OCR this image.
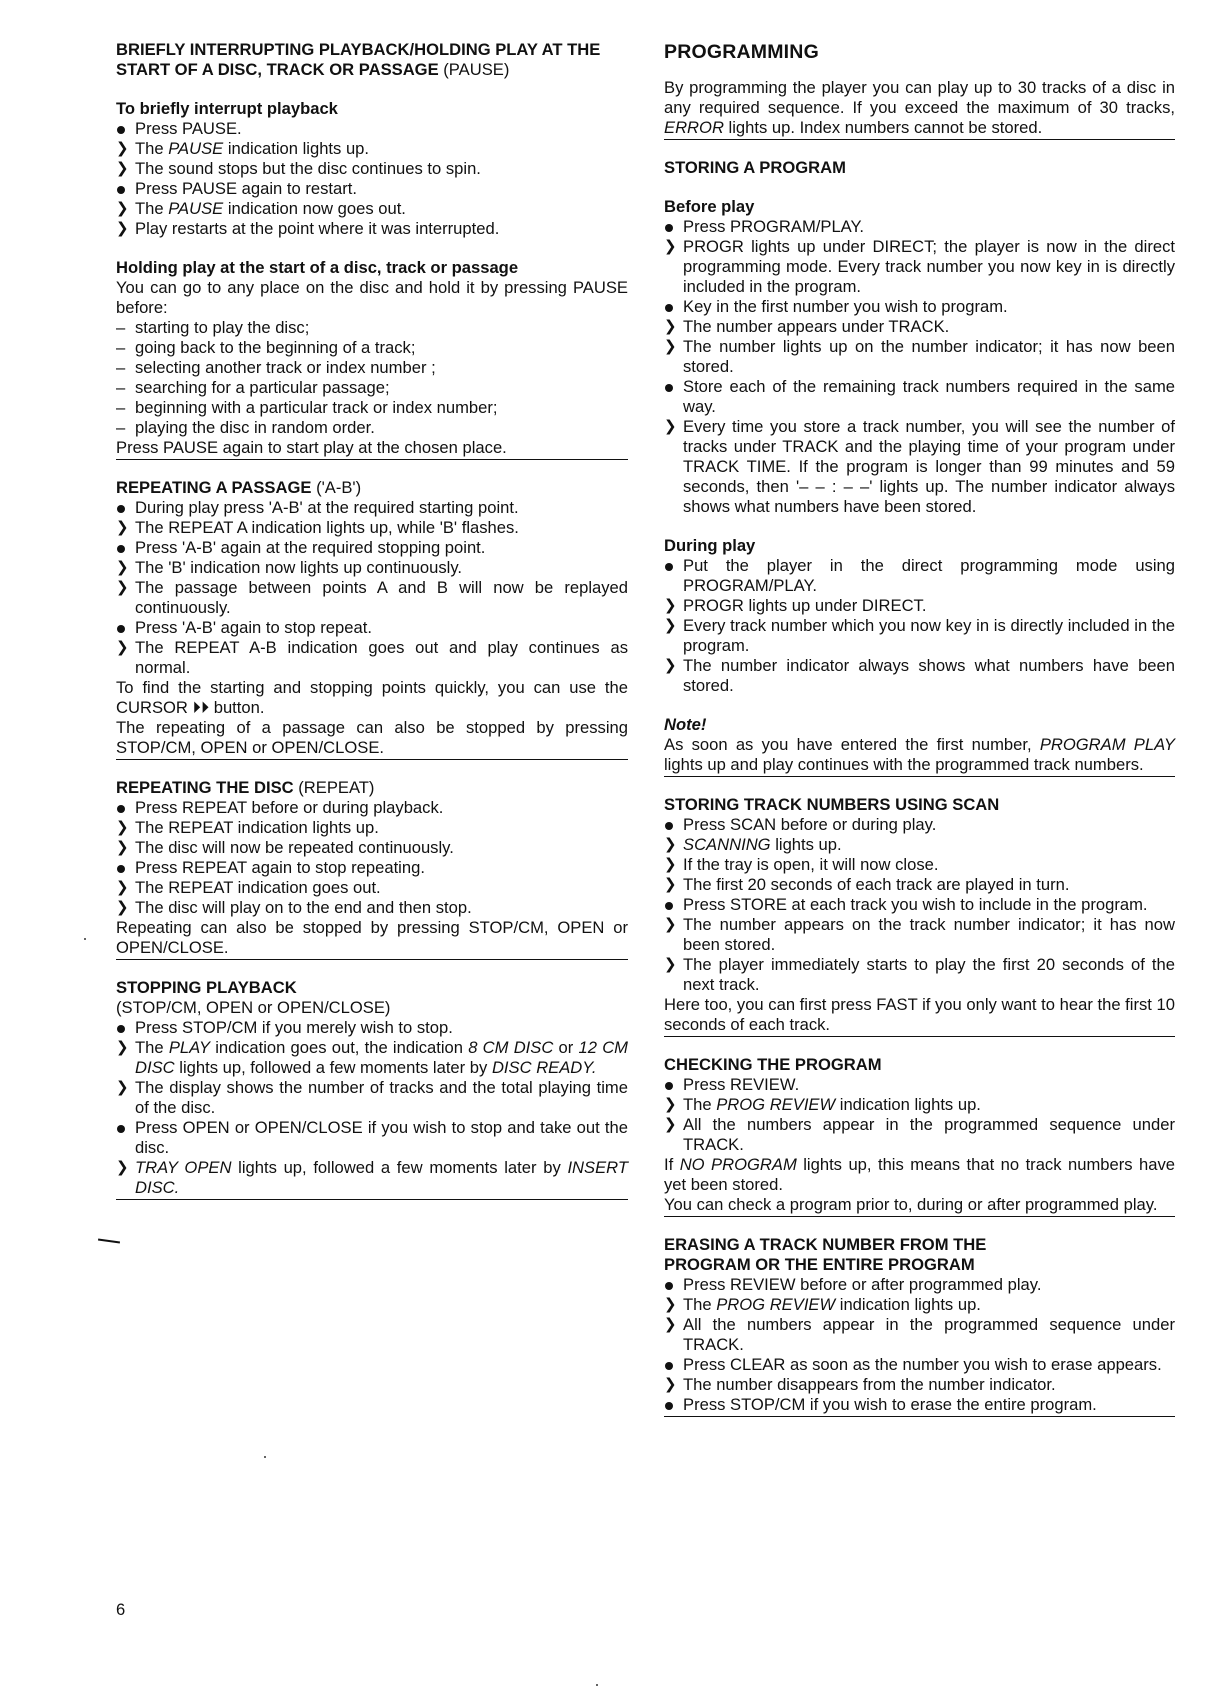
BRIEFLY INTERRUPTING PLAYBACK/HOLDING PLAY AT THE START OF A DISC, TRACK OR PASSAGE (PAUSE)

To briefly interrupt playback

Press PAUSE.
❯ The PAUSE indication lights up.
❯ The sound stops but the disc continues to spin.
Press PAUSE again to restart.
❯ The PAUSE indication now goes out.
❯ Play restarts at the point where it was interrupted.

Holding play at the start of a disc, track or passage

You can go to any place on the disc and hold it by pressing PAUSE before:

– starting to play the disc;
– going back to the beginning of a track;
– selecting another track or index number ;
– searching for a particular passage;
– beginning with a particular track or index number;
– playing the disc in random order.

Press PAUSE again to start play at the chosen place.

REPEATING A PASSAGE ('A-B')

During play press 'A-B' at the required starting point.
❯ The REPEAT A indication lights up, while 'B' flashes.
Press 'A-B' again at the required stopping point.
❯ The 'B' indication now lights up continuously.
❯ The passage between points A and B will now be replayed continuously.
Press 'A-B' again to stop repeat.
❯ The REPEAT A-B indication goes out and play continues as normal.

To find the starting and stopping points quickly, you can use the CURSOR ⏵⏵ button.

The repeating of a passage can also be stopped by pressing STOP/CM, OPEN or OPEN/CLOSE.

REPEATING THE DISC (REPEAT)

Press REPEAT before or during playback.
❯ The REPEAT indication lights up.
❯ The disc will now be repeated continuously.
Press REPEAT again to stop repeating.
❯ The REPEAT indication goes out.
❯ The disc will play on to the end and then stop.

Repeating can also be stopped by pressing STOP/CM, OPEN or OPEN/CLOSE.

STOPPING PLAYBACK

(STOP/CM, OPEN or OPEN/CLOSE)

Press STOP/CM if you merely wish to stop.
❯ The PLAY indication goes out, the indication 8 CM DISC or 12 CM DISC lights up, followed a few moments later by DISC READY.
❯ The display shows the number of tracks and the total playing time of the disc.
Press OPEN or OPEN/CLOSE if you wish to stop and take out the disc.
❯ TRAY OPEN lights up, followed a few moments later by INSERT DISC.

PROGRAMMING

By programming the player you can play up to 30 tracks of a disc in any required sequence. If you exceed the maximum of 30 tracks, ERROR lights up. Index numbers cannot be stored.

STORING A PROGRAM

Before play

Press PROGRAM/PLAY.
❯ PROGR lights up under DIRECT; the player is now in the direct programming mode. Every track number you now key in is directly included in the program.
Key in the first number you wish to program.
❯ The number appears under TRACK.
❯ The number lights up on the number indicator; it has now been stored.
Store each of the remaining track numbers required in the same way.
❯ Every time you store a track number, you will see the number of tracks under TRACK and the playing time of your program under TRACK TIME. If the program is longer than 99 minutes and 59 seconds, then '– – : – –' lights up. The number indicator always shows what numbers have been stored.

During play

Put the player in the direct programming mode using PROGRAM/PLAY.
❯ PROGR lights up under DIRECT.
❯ Every track number which you now key in is directly included in the program.
❯ The number indicator always shows what numbers have been stored.

Note!

As soon as you have entered the first number, PROGRAM PLAY lights up and play continues with the programmed track numbers.

STORING TRACK NUMBERS USING SCAN

Press SCAN before or during play.
❯ SCANNING lights up.
❯ If the tray is open, it will now close.
❯ The first 20 seconds of each track are played in turn.
Press STORE at each track you wish to include in the program.
❯ The number appears on the track number indicator; it has now been stored.
❯ The player immediately starts to play the first 20 seconds of the next track.

Here too, you can first press FAST if you only want to hear the first 10 seconds of each track.

CHECKING THE PROGRAM

Press REVIEW.
❯ The PROG REVIEW indication lights up.
❯ All the numbers appear in the programmed sequence under TRACK.

If NO PROGRAM lights up, this means that no track numbers have yet been stored.

You can check a program prior to, during or after programmed play.

ERASING A TRACK NUMBER FROM THE

PROGRAM OR THE ENTIRE PROGRAM

Press REVIEW before or after programmed play.
❯ The PROG REVIEW indication lights up.
❯ All the numbers appear in the programmed sequence under TRACK.
Press CLEAR as soon as the number you wish to erase appears.
❯ The number disappears from the number indicator.
Press STOP/CM if you wish to erase the entire program.

6
